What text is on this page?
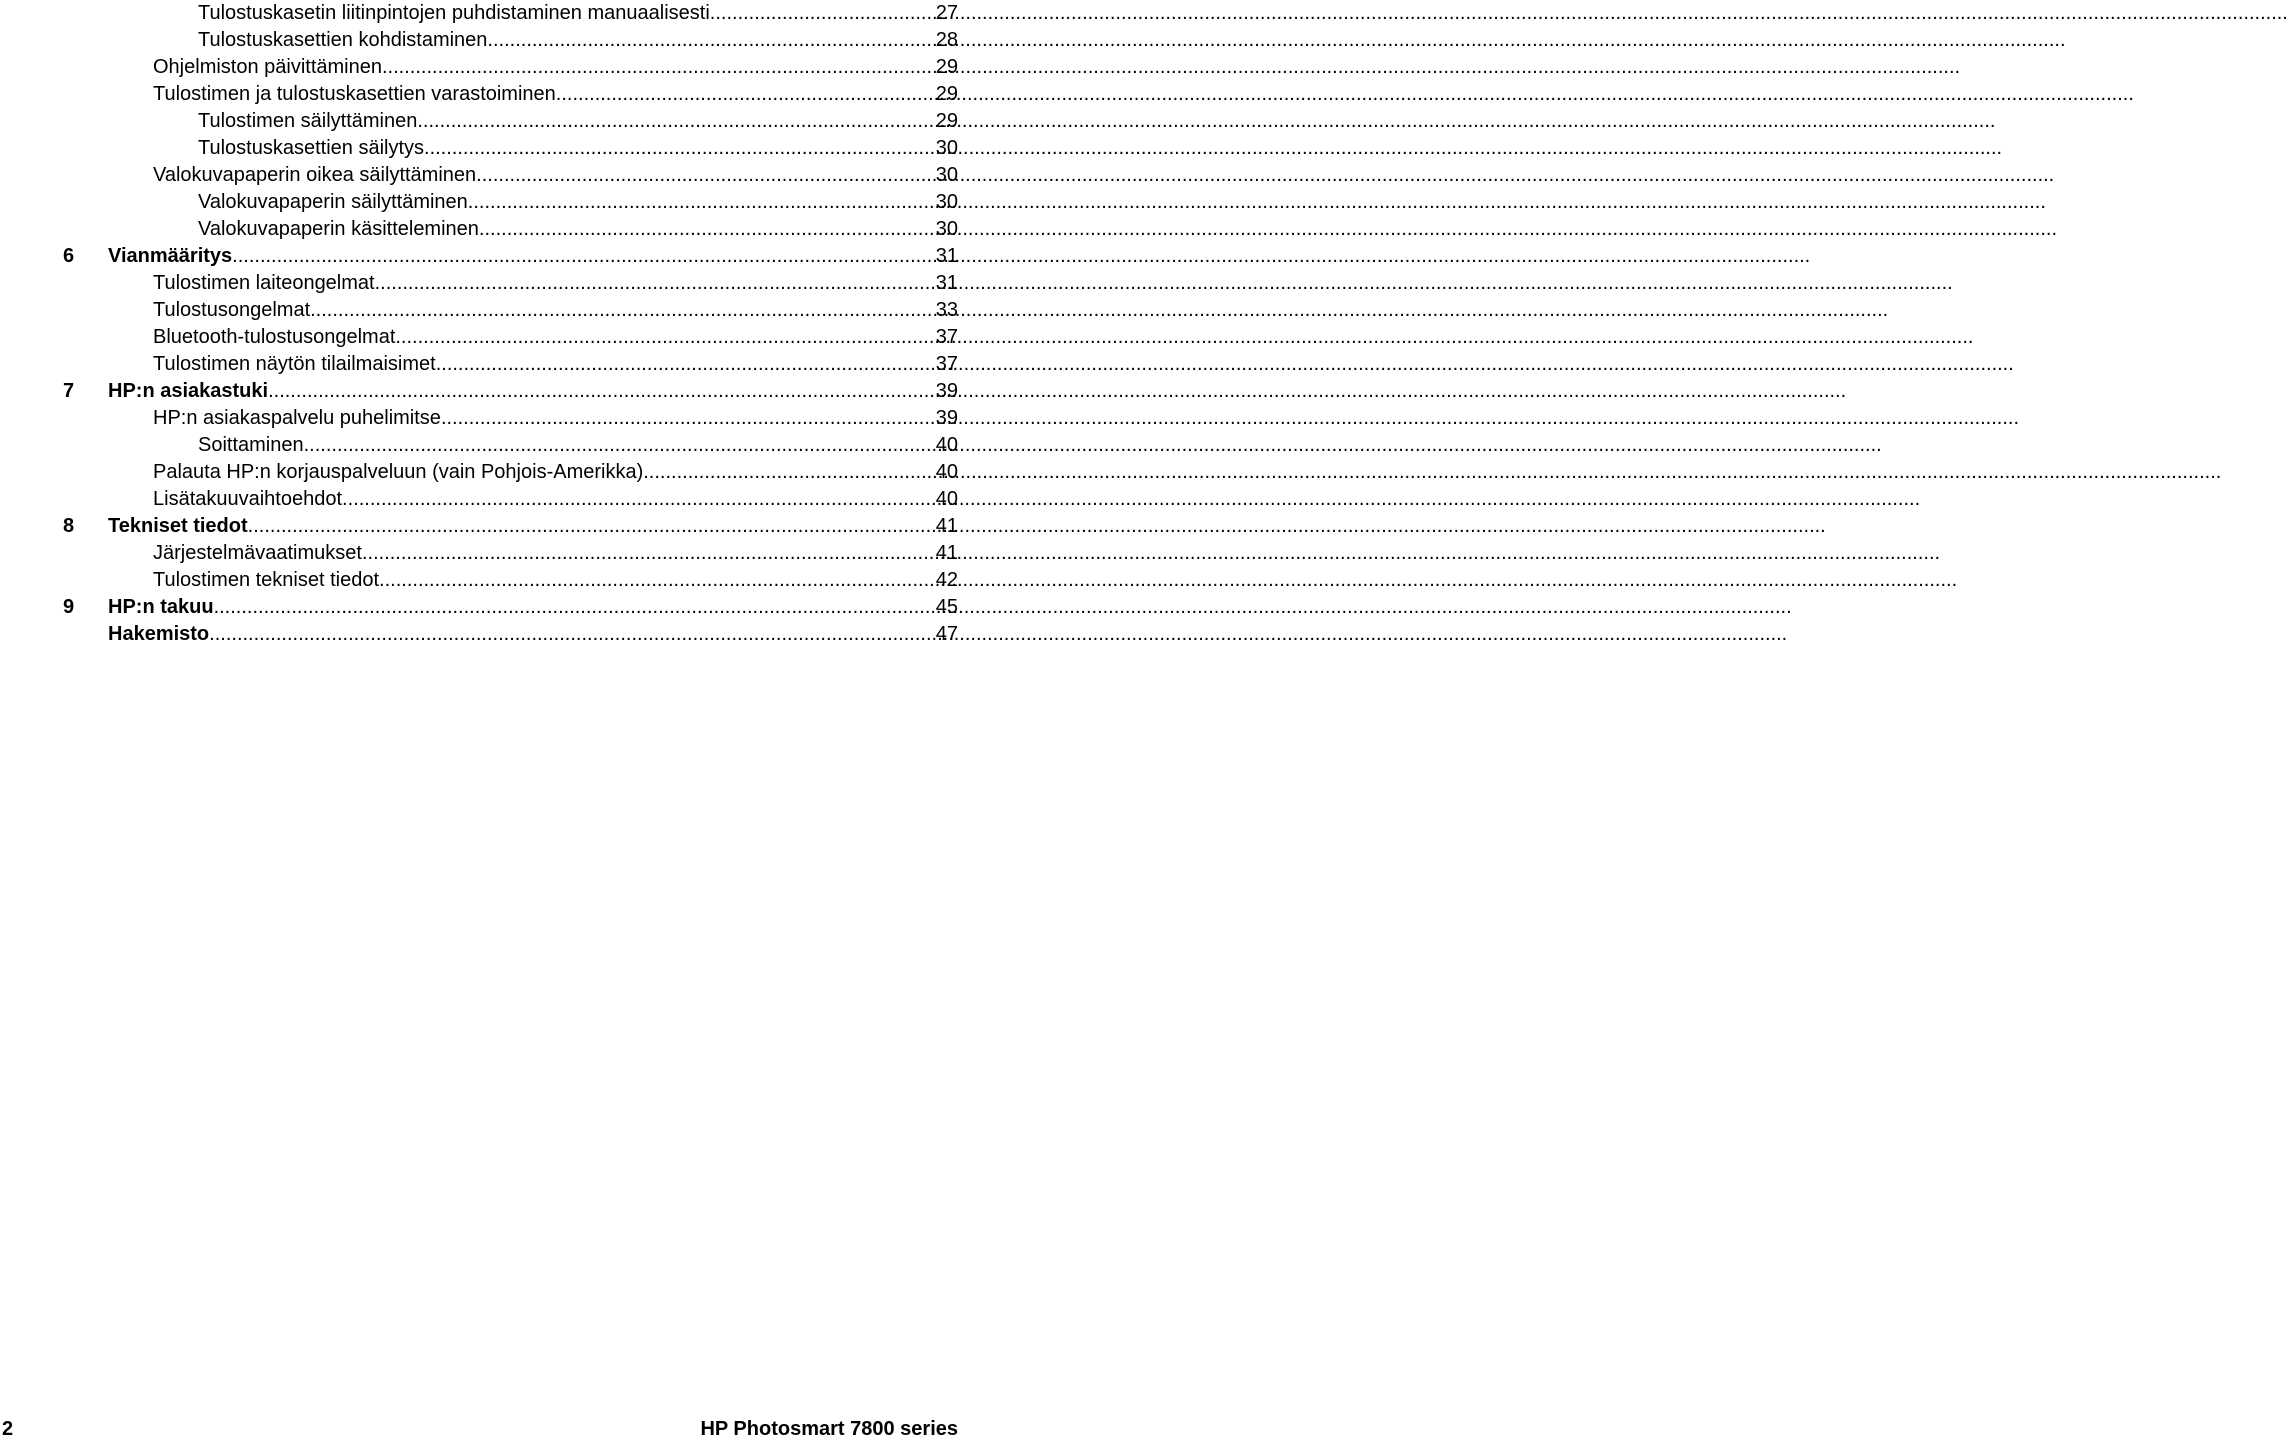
Tulostuskasetin liitinpintojen puhdistaminen manuaalisesti .....	27
Tulostuskasettien kohdistaminen .....	28
Ohjelmiston päivittäminen .....	29
Tulostimen ja tulostuskasettien varastoiminen .....	29
Tulostimen säilyttäminen .....	29
Tulostuskasettien säilytys .....	30
Valokuvapaperin oikea säilyttäminen .....	30
Valokuvapaperin säilyttäminen .....	30
Valokuvapaperin käsitteleminen .....	30
6	Vianmääritys .....	31
Tulostimen laiteongelmat .....	31
Tulostusongelmat .....	33
Bluetooth-tulostusongelmat .....	37
Tulostimen näytön tilailmaisimet .....	37
7	HP:n asiakastuki .....	39
HP:n asiakaspalvelu puhelimitse .....	39
Soittaminen .....	40
Palauta HP:n korjauspalveluun (vain Pohjois-Amerikka) .....	40
Lisätakuuvaihtoehdot .....	40
8	Tekniset tiedot .....	41
Järjestelmävaatimukset .....	41
Tulostimen tekniset tiedot .....	42
9	HP:n takuu .....	45
Hakemisto .....	47
2	HP Photosmart 7800 series
